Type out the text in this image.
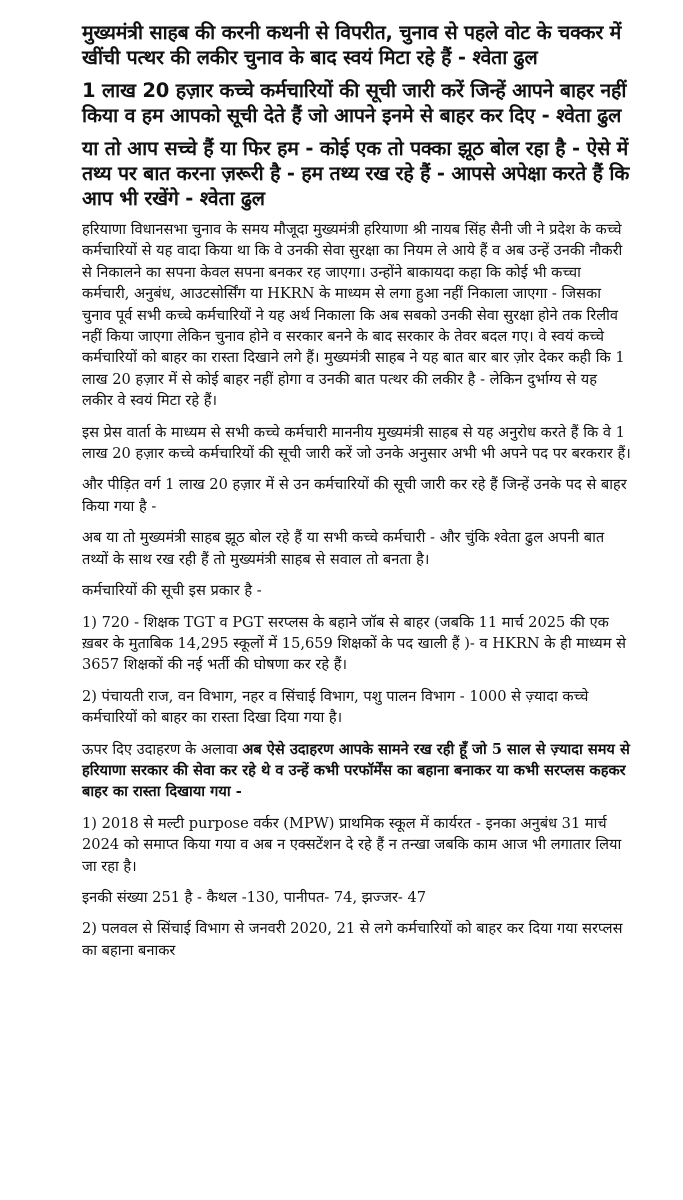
मुख्यमंत्री साहब की करनी कथनी से विपरीत, चुनाव से पहले वोट के चक्कर में खींची पत्थर की लकीर चुनाव के बाद स्वयं मिटा रहे हैं - श्वेता ढुल

1 लाख 20 हज़ार कच्चे कर्मचारियों की सूची जारी करें जिन्हें आपने बाहर नहीं किया व हम आपको सूची देते हैं जो आपने इनमे से बाहर कर दिए - श्वेता ढुल

या तो आप सच्चे हैं या फिर हम - कोई एक तो पक्का झूठ बोल रहा है - ऐसे में तथ्य पर बात करना ज़रूरी है - हम तथ्य रख रहे हैं - आपसे अपेक्षा करते हैं कि आप भी रखेंगे - श्वेता ढुल

हरियाणा विधानसभा चुनाव के समय मौजूदा मुख्यमंत्री हरियाणा श्री नायब सिंह सैनी जी ने प्रदेश के कच्चे कर्मचारियों से यह वादा किया था कि वे उनकी सेवा सुरक्षा का नियम ले आये हैं व अब उन्हें उनकी नौकरी से निकालने का सपना केवल सपना बनकर रह जाएगा। उन्होंने बाकायदा कहा कि कोई भी कच्चा कर्मचारी, अनुबंध, आउटसोर्सिंग या HKRN के माध्यम से लगा हुआ नहीं निकाला जाएगा - जिसका चुनाव पूर्व सभी कच्चे कर्मचारियों ने यह अर्थ निकाला कि अब सबको उनकी सेवा सुरक्षा होने तक रिलीव नहीं किया जाएगा लेकिन चुनाव होने व सरकार बनने के बाद सरकार के तेवर बदल गए। वे स्वयं कच्चे कर्मचारियों को बाहर का रास्ता दिखाने लगे हैं। मुख्यमंत्री साहब ने यह बात बार बार ज़ोर देकर कही कि 1 लाख 20 हज़ार में से कोई बाहर नहीं होगा व उनकी बात पत्थर की लकीर है - लेकिन दुर्भाग्य से यह लकीर वे स्वयं मिटा रहे हैं।

इस प्रेस वार्ता के माध्यम से सभी कच्चे कर्मचारी माननीय मुख्यमंत्री साहब से यह अनुरोध करते हैं कि वे 1 लाख 20 हज़ार कच्चे कर्मचारियों की सूची जारी करें जो उनके अनुसार अभी भी अपने पद पर बरकरार हैं।

और पीड़ित वर्ग 1 लाख 20 हज़ार में से उन कर्मचारियों की सूची जारी कर रहे हैं जिन्हें उनके पद से बाहर किया गया है -

अब या तो मुख्यमंत्री साहब झूठ बोल रहे हैं या सभी कच्चे कर्मचारी - और चुंकि श्वेता ढुल अपनी बात तथ्यों के साथ रख रही हैं तो मुख्यमंत्री साहब से सवाल तो बनता है।

कर्मचारियों की सूची इस प्रकार है -

1) 720 - शिक्षक TGT व PGT सरप्लस के बहाने जॉब से बाहर (जबकि 11 मार्च 2025 की एक ख़बर के मुताबिक 14,295 स्कूलों में 15,659 शिक्षकों के पद खाली हैं )- व HKRN के ही माध्यम से 3657 शिक्षकों की नई भर्ती की घोषणा कर रहे हैं।

2) पंचायती राज, वन विभाग, नहर व सिंचाई विभाग, पशु पालन विभाग - 1000 से ज़्यादा कच्चे कर्मचारियों को बाहर का रास्ता दिखा दिया गया है।

ऊपर दिए उदाहरण के अलावा अब ऐसे उदाहरण आपके सामने रख रही हूँ जो 5 साल से ज़्यादा समय से हरियाणा सरकार की सेवा कर रहे थे व उन्हें कभी परफॉर्मेंस का बहाना बनाकर या कभी सरप्लस कहकर बाहर का रास्ता दिखाया गया -

1) 2018 से मल्टी purpose वर्कर (MPW) प्राथमिक स्कूल में कार्यरत - इनका अनुबंध 31 मार्च 2024 को समाप्त किया गया व अब न एक्सटेंशन दे रहे हैं न तन्खा जबकि काम आज भी लगातार लिया जा रहा है।

इनकी संख्या 251 है - कैथल -130, पानीपत- 74, झज्जर- 47

2) पलवल से सिंचाई विभाग से जनवरी 2020, 21 से लगे कर्मचारियों को बाहर कर दिया गया सरप्लस का बहाना बनाकर
